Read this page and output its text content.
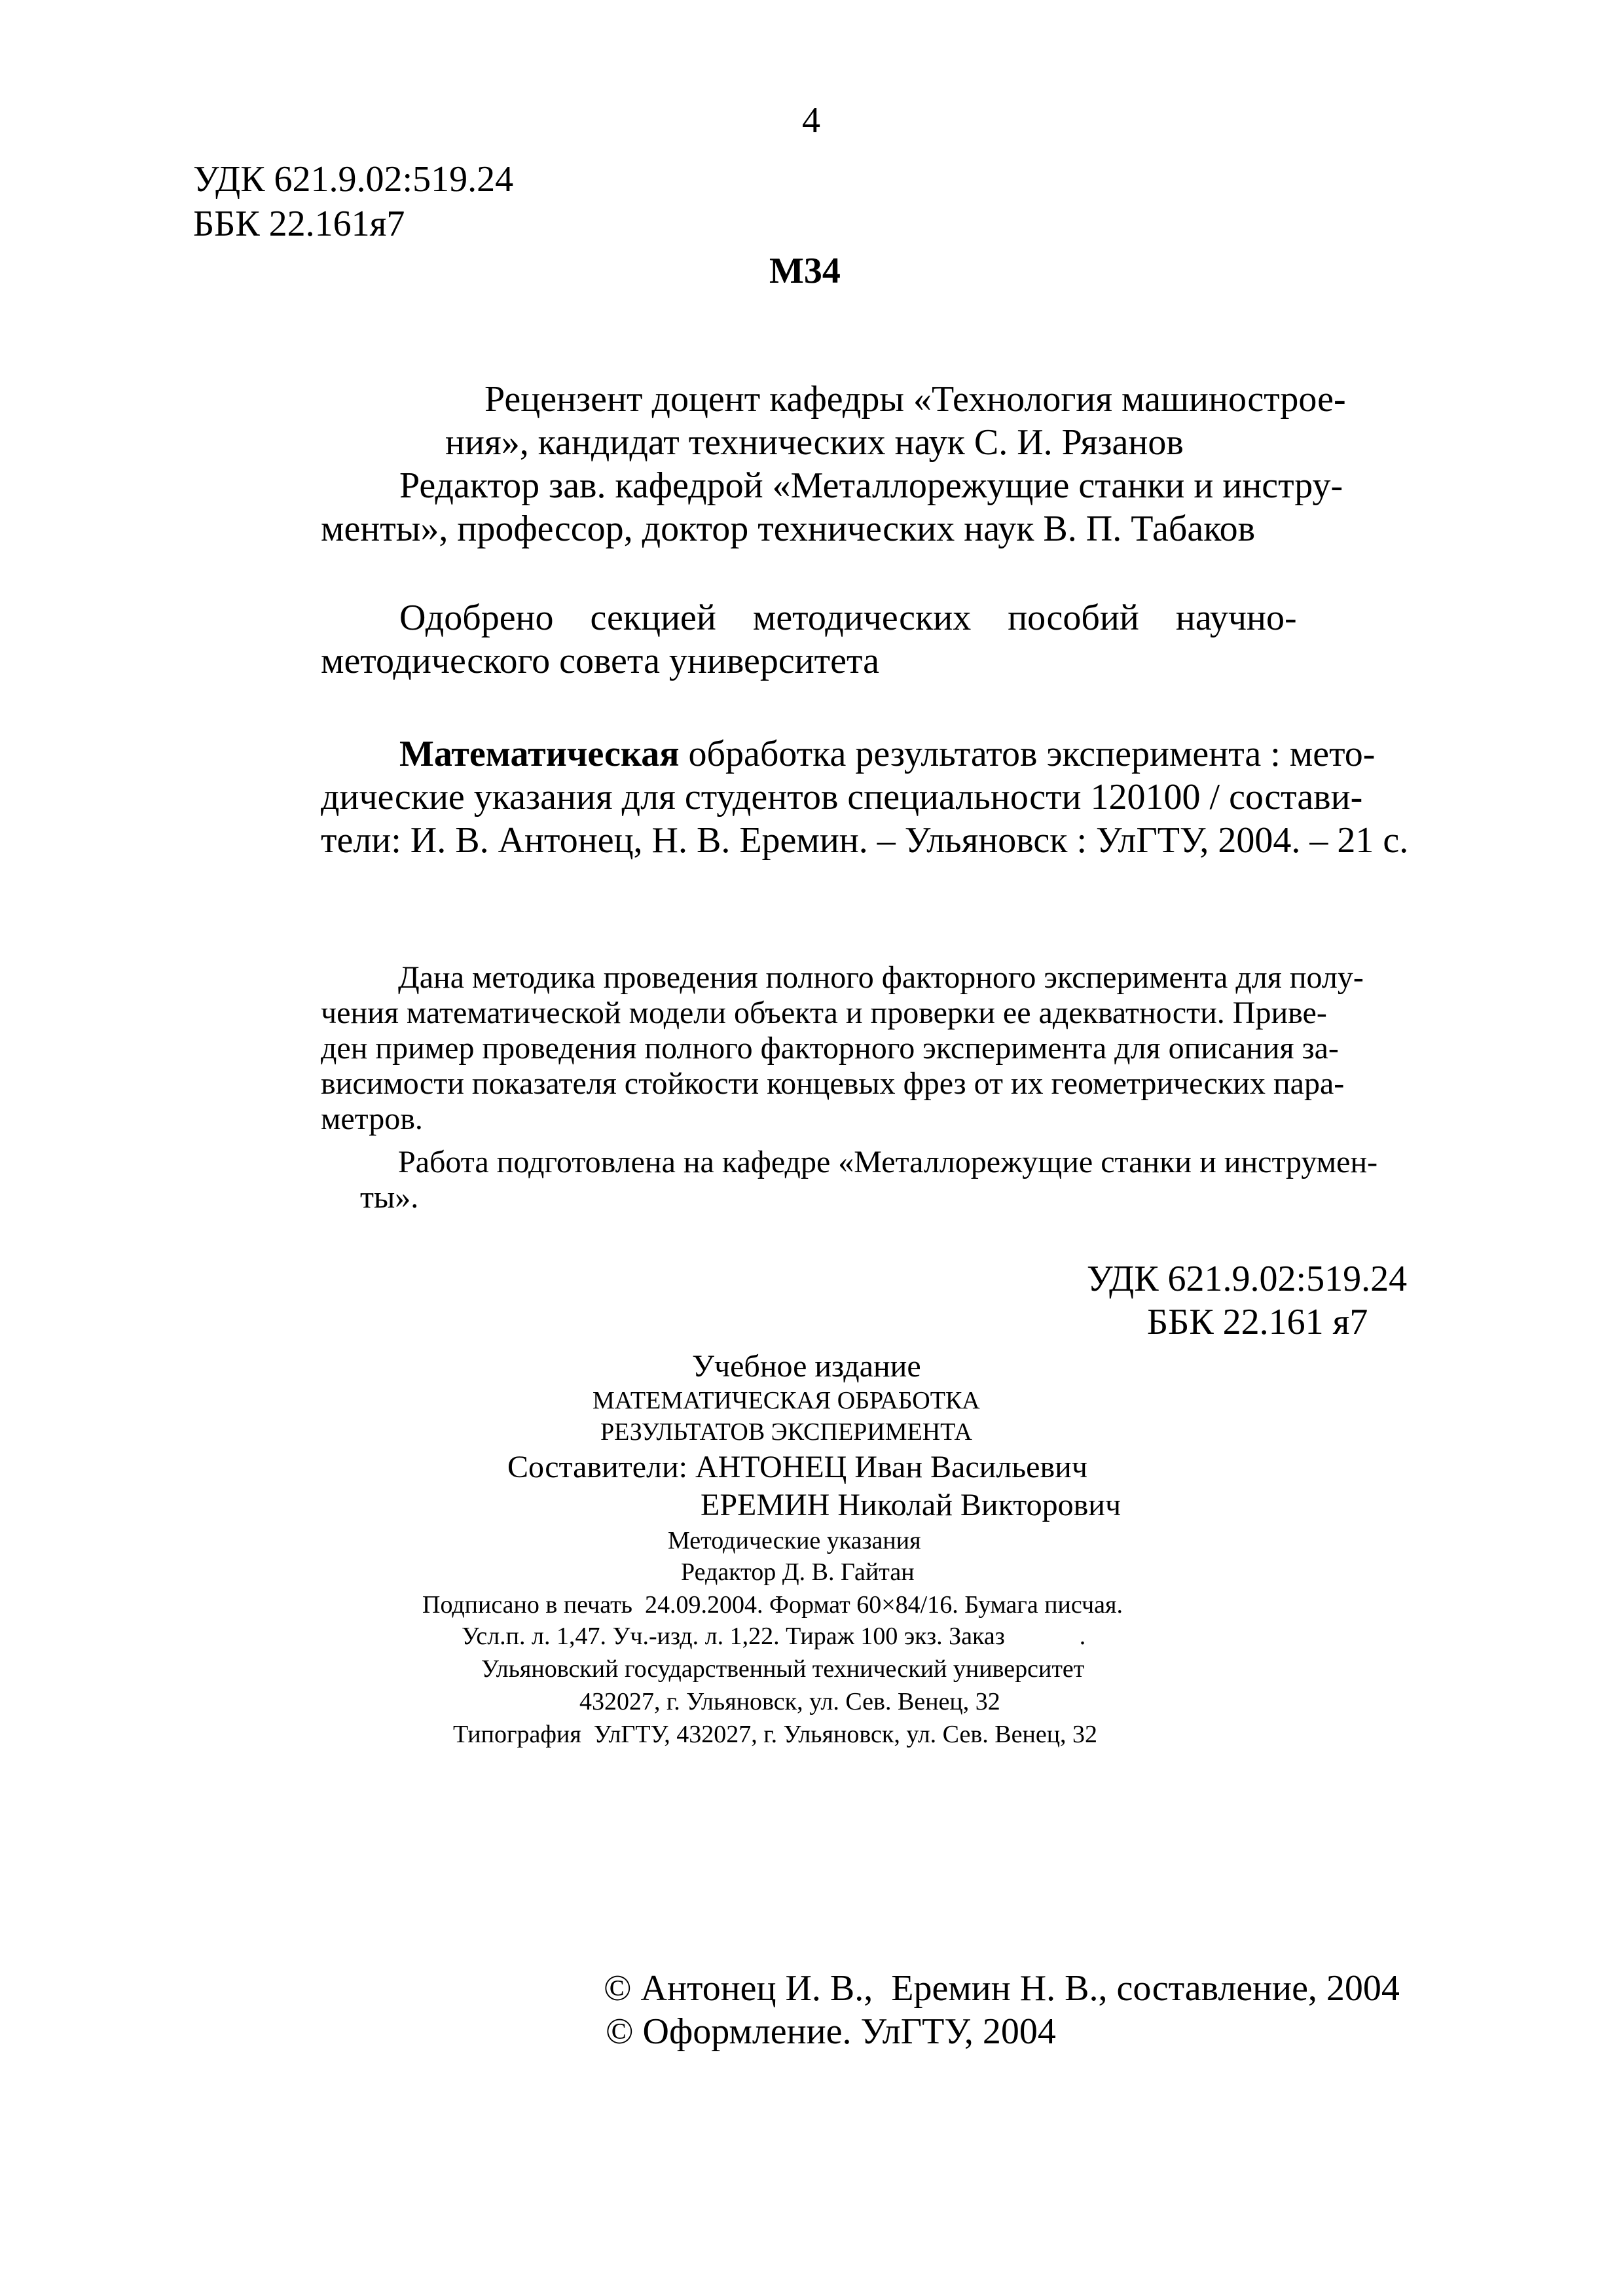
4
УДК 621.9.02:519.24
ББК 22.161я7
М34
Рецензент доцент кафедры «Технология машинострое-
ния», кандидат технических наук С. И. Рязанов
Редактор зав. кафедрой «Металлорежущие станки и инстру-
менты», профессор, доктор технических наук В. П. Табаков
Одобрено    секцией    методических    пособий    научно-
методического совета университета
Математическая обработка результатов эксперимента : мето-
дические указания для студентов специальности 120100 / состави-
тели: И. В. Антонец, Н. В. Еремин. – Ульяновск : УлГТУ, 2004. – 21 с.
Дана методика проведения полного факторного эксперимента для полу-
чения математической модели объекта и проверки ее адекватности. Приве-
ден пример проведения полного факторного эксперимента для описания за-
висимости показателя стойкости концевых фрез от их геометрических пара-
метров.
Работа подготовлена на кафедре «Металлорежущие станки и инструмен-
ты».
УДК 621.9.02:519.24
ББК 22.161 я7
Учебное издание
МАТЕМАТИЧЕСКАЯ ОБРАБОТКА
РЕЗУЛЬТАТОВ ЭКСПЕРИМЕНТА
Составители: АНТОНЕЦ Иван Васильевич
ЕРЕМИН Николай Викторович
Методические указания
Редактор Д. В. Гайтан
Подписано в печать  24.09.2004. Формат 60×84/16. Бумага писчая.
Усл.п. л. 1,47. Уч.-изд. л. 1,22. Тираж 100 экз. Заказ            .
Ульяновский государственный технический университет
432027, г. Ульяновск, ул. Сев. Венец, 32
Типография  УлГТУ, 432027, г. Ульяновск, ул. Сев. Венец, 32
© Антонец И. В.,  Еремин Н. В., составление, 2004
© Оформление. УлГТУ, 2004
